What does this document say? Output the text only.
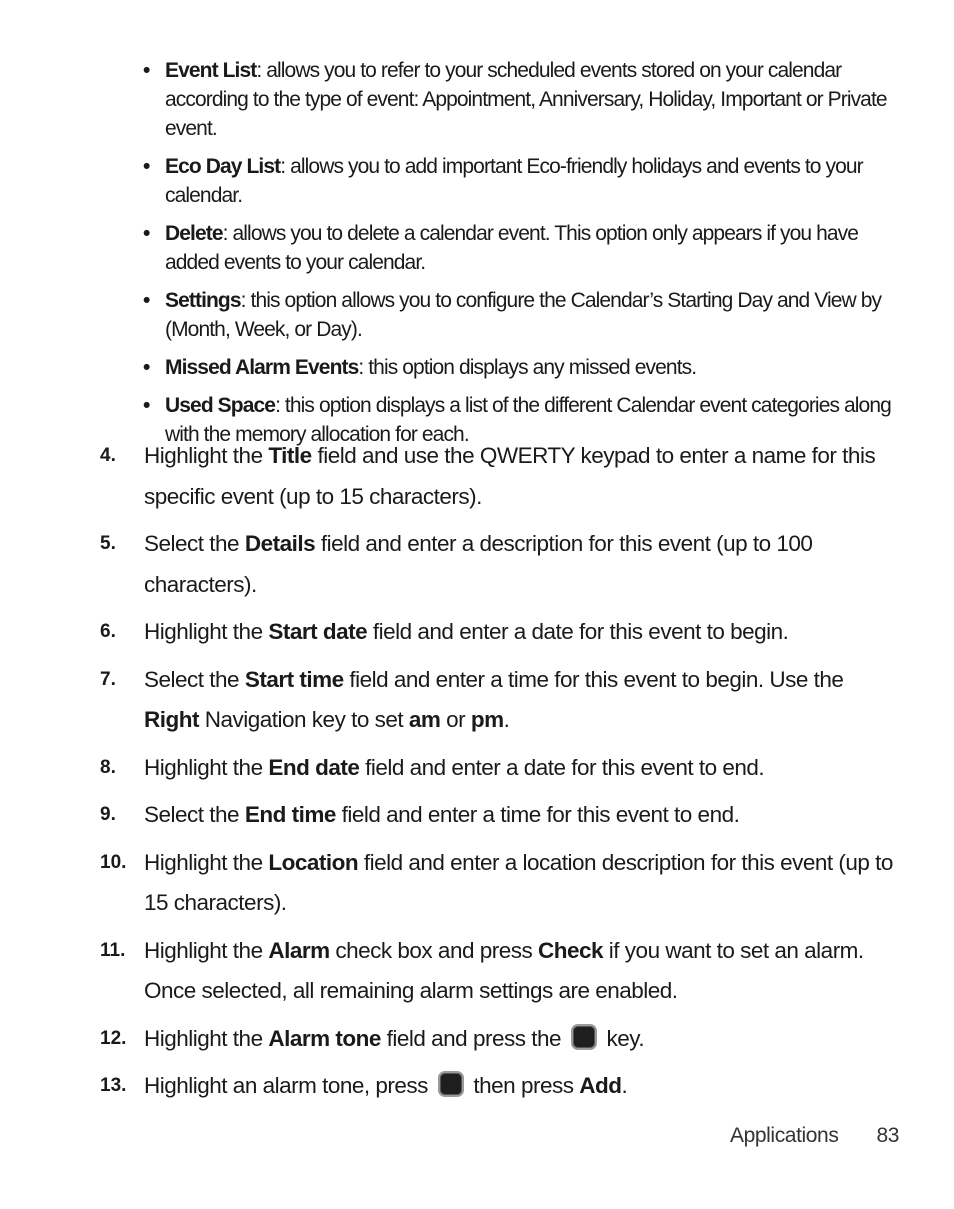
• Event List: allows you to refer to your scheduled events stored on your calendar according to the type of event: Appointment, Anniversary, Holiday, Important or Private event.
• Eco Day List: allows you to add important Eco-friendly holidays and events to your calendar.
• Delete: allows you to delete a calendar event. This option only appears if you have added events to your calendar.
• Settings: this option allows you to configure the Calendar’s Starting Day and View by (Month, Week, or Day).
• Missed Alarm Events: this option displays any missed events.
• Used Space: this option displays a list of the different Calendar event categories along with the memory allocation for each.
4. Highlight the Title field and use the QWERTY keypad to enter a name for this specific event (up to 15 characters).
5. Select the Details field and enter a description for this event (up to 100 characters).
6. Highlight the Start date field and enter a date for this event to begin.
7. Select the Start time field and enter a time for this event to begin. Use the Right Navigation key to set am or pm.
8. Highlight the End date field and enter a date for this event to end.
9. Select the End time field and enter a time for this event to end.
10. Highlight the Location field and enter a location description for this event (up to 15 characters).
11. Highlight the Alarm check box and press Check if you want to set an alarm. Once selected, all remaining alarm settings are enabled.
12. Highlight the Alarm tone field and press the  key.
13. Highlight an alarm tone, press  then press Add.
Applications 83
